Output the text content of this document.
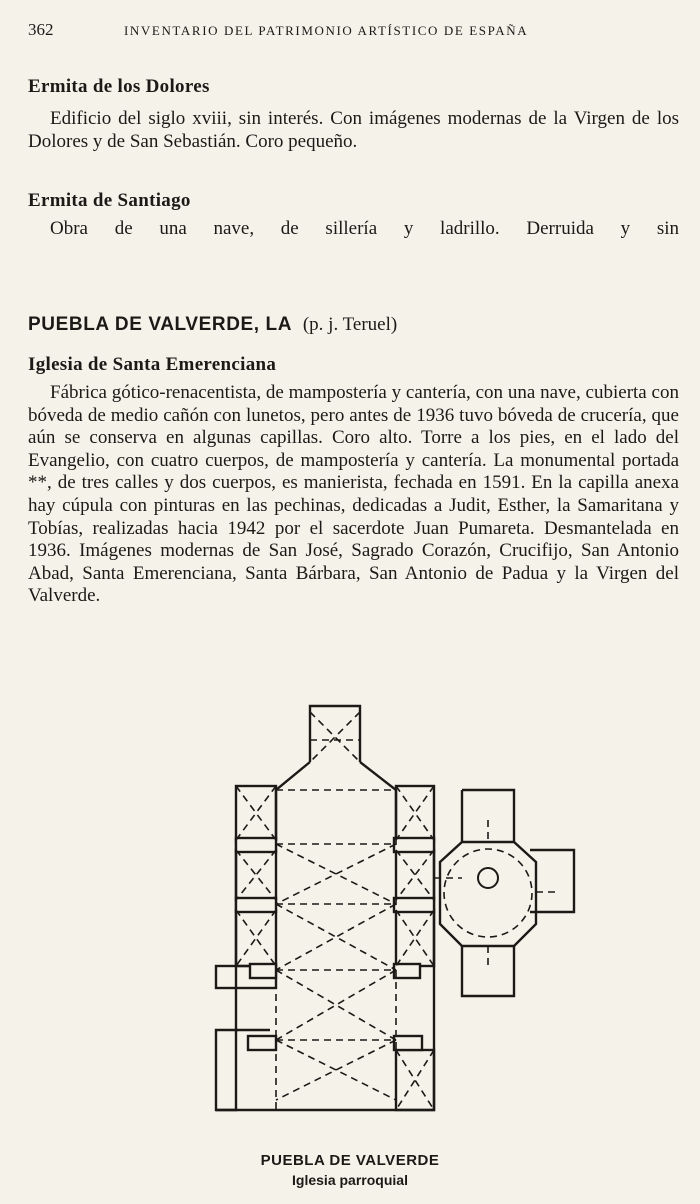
362	INVENTARIO DEL PATRIMONIO ARTÍSTICO DE ESPAÑA
Ermita de los Dolores

Edificio del siglo xviii, sin interés. Con imágenes modernas de la Virgen de los Dolores y de San Sebastián. Coro pequeño.

Ermita de Santiago

Obra de una nave, de sillería y ladrillo. Derruida y sin

PUEBLA DE VALVERDE, LA (p. j. Teruel)
Iglesia de Santa Emerenciana

Fábrica gótico-renacentista, de mampostería y cantería, con una nave, cubierta con bóveda de medio cañón con lunetos, pero antes de 1936 tuvo bóveda de crucería, que aún se conserva en algunas capillas. Coro alto. Torre a los pies, en el lado del Evangelio, con cuatro cuerpos, de mampostería y cantería. La monumental portada **, de tres calles y dos cuerpos, es manierista, fechada en 1591. En la capilla anexa hay cúpula con pinturas en las pechinas, dedicadas a Judit, Esther, la Samaritana y Tobías, realizadas hacia 1942 por el sacerdote Juan Pumareta. Desmantelada en 1936. Imágenes modernas de San José, Sagrado Corazón, Crucifijo, San Antonio Abad, Santa Emerenciana, Santa Bárbara, San Antonio de Padua y la Virgen del Valverde.

PUEBLA DE VALVERDE
Iglesia parroquial
